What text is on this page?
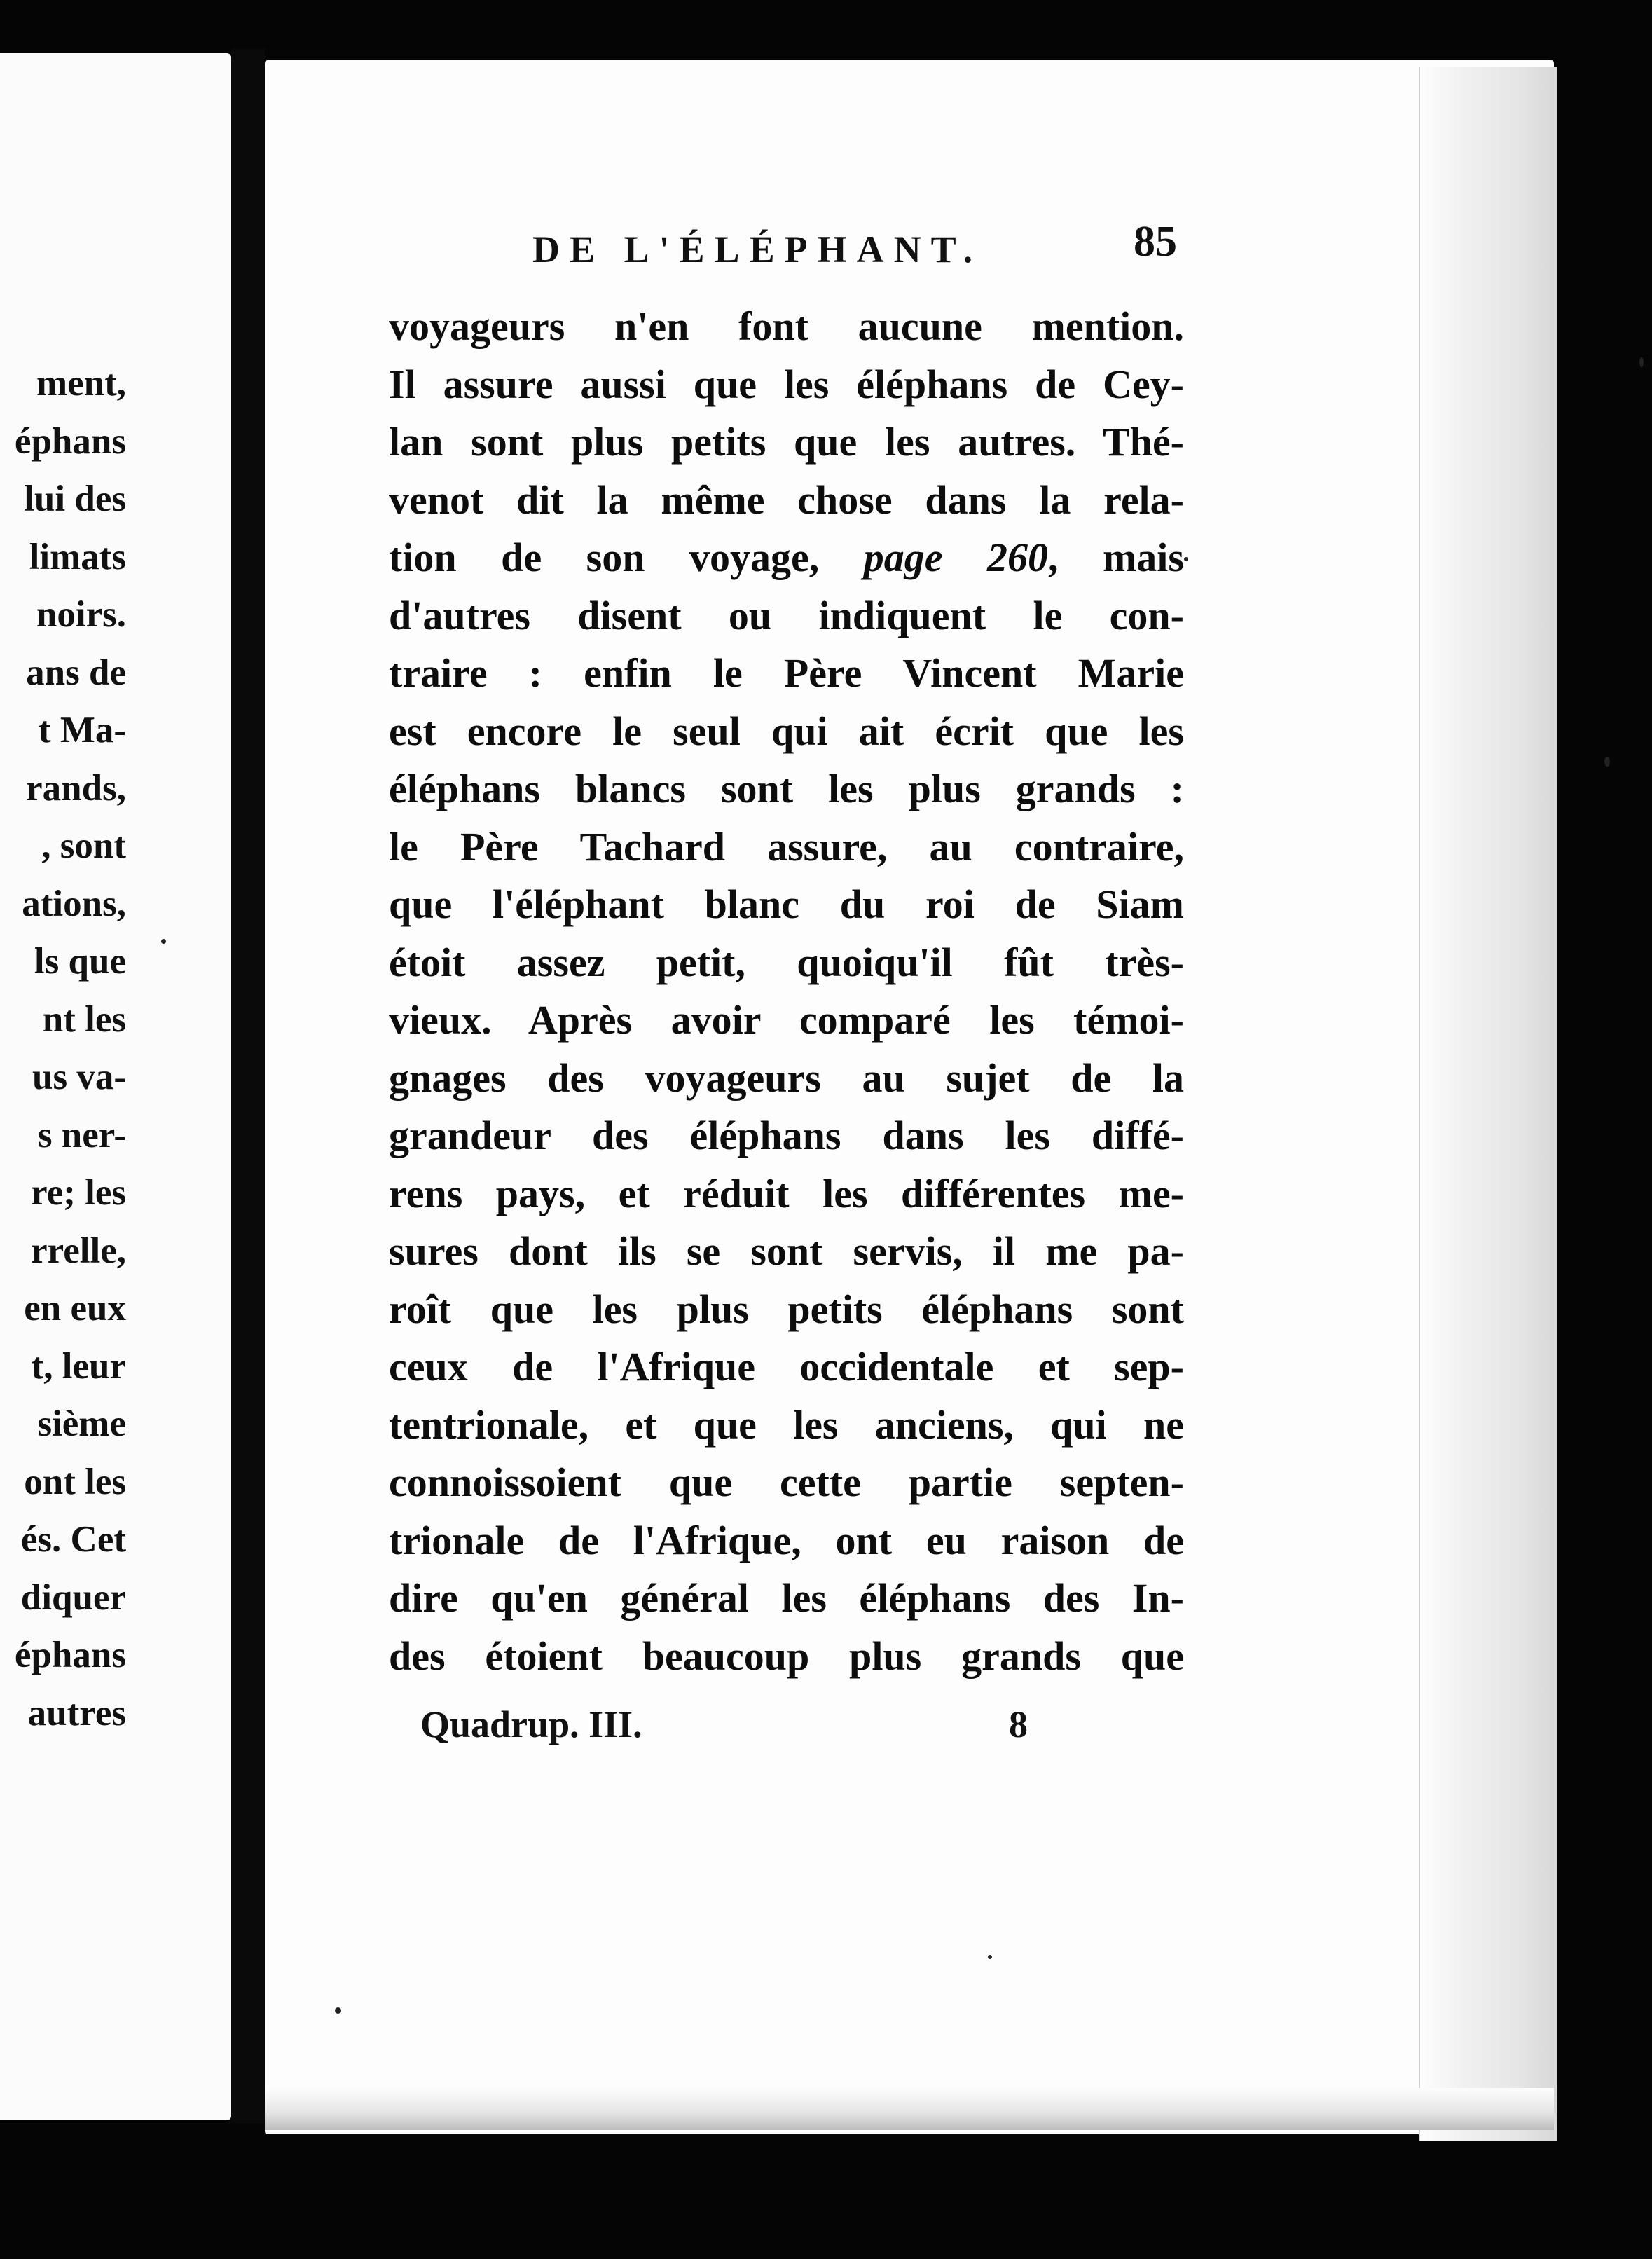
ment,
éphans
lui des
limats
noirs.
ans de
t Ma-
rands,
, sont
ations,
ls que
nt les
us va-
s ner-
re; les
rrelle,
en eux
t, leur
sième
ont les
és. Cet
diquer
éphans
autres
DE L'ÉLÉPHANT.	85
voyageurs n'en font aucune mention.
Il assure aussi que les éléphans de Cey-
lan sont plus petits que les autres. Thé-
venot dit la même chose dans la rela-
tion de son voyage, page 260, mais
d'autres disent ou indiquent le con-
traire : enfin le Père Vincent Marie
est encore le seul qui ait écrit que les
éléphans blancs sont les plus grands :
le Père Tachard assure, au contraire,
que l'éléphant blanc du roi de Siam
étoit assez petit, quoiqu'il fût très-
vieux. Après avoir comparé les témoi-
gnages des voyageurs au sujet de la
grandeur des éléphans dans les diffé-
rens pays, et réduit les différentes me-
sures dont ils se sont servis, il me pa-
roît que les plus petits éléphans sont
ceux de l'Afrique occidentale et sep-
tentrionale, et que les anciens, qui ne
connoissoient que cette partie septen-
trionale de l'Afrique, ont eu raison de
dire qu'en général les éléphans des In-
des étoient beaucoup plus grands que
Quadrup. III.	8
